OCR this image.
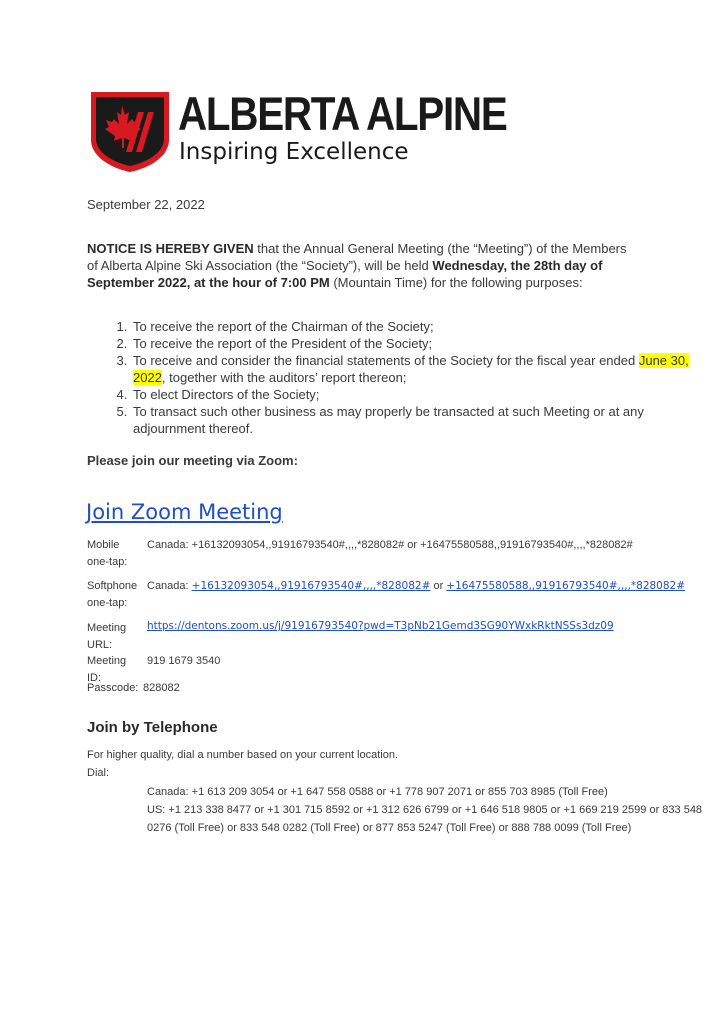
ALBERTA ALPINE
Inspiring Excellence
September 22, 2022
NOTICE IS HEREBY GIVEN that the Annual General Meeting (the “Meeting”) of the Members of Alberta Alpine Ski Association (the “Society”), will be held Wednesday, the 28th day of September 2022, at the hour of 7:00 PM (Mountain Time) for the following purposes:
1. To receive the report of the Chairman of the Society;
2. To receive the report of the President of the Society;
3. To receive and consider the financial statements of the Society for the fiscal year ended June 30, 2022, together with the auditors’ report thereon;
4. To elect Directors of the Society;
5. To transact such other business as may properly be transacted at such Meeting or at any adjournment thereof.
Please join our meeting via Zoom:
Join Zoom Meeting
Mobile one-tap:
Canada: +16132093054,,91916793540#,,,,*828082# or +16475580588,,91916793540#,,,,*828082#
Softphone one-tap:
Canada: +16132093054,,91916793540#,,,,*828082# or +16475580588,,91916793540#,,,,*828082#
Meeting URL:
https://dentons.zoom.us/j/91916793540?pwd=T3pNb21Gemd3SG90YWxkRktNSSs3dz09
Meeting ID:
919 1679 3540
Passcode: 828082
Join by Telephone
For higher quality, dial a number based on your current location.
Dial:
Canada: +1 613 209 3054 or +1 647 558 0588 or +1 778 907 2071 or 855 703 8985 (Toll Free)
US: +1 213 338 8477 or +1 301 715 8592 or +1 312 626 6799 or +1 646 518 9805 or +1 669 219 2599 or 833 548 0276 (Toll Free) or 833 548 0282 (Toll Free) or 877 853 5247 (Toll Free) or 888 788 0099 (Toll Free)
